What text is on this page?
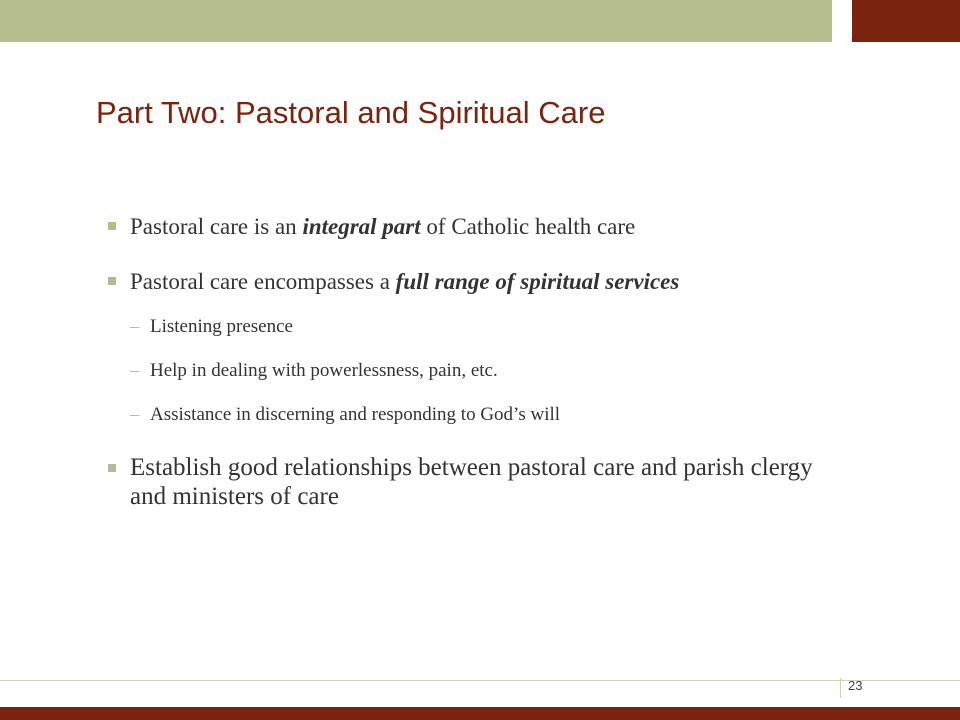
Part Two: Pastoral and Spiritual Care
Pastoral care is an integral part of Catholic health care
Pastoral care encompasses a full range of spiritual services
– Listening presence
– Help in dealing with powerlessness, pain, etc.
– Assistance in discerning and responding to God’s will
Establish good relationships between pastoral care and parish clergy and ministers of care
23
